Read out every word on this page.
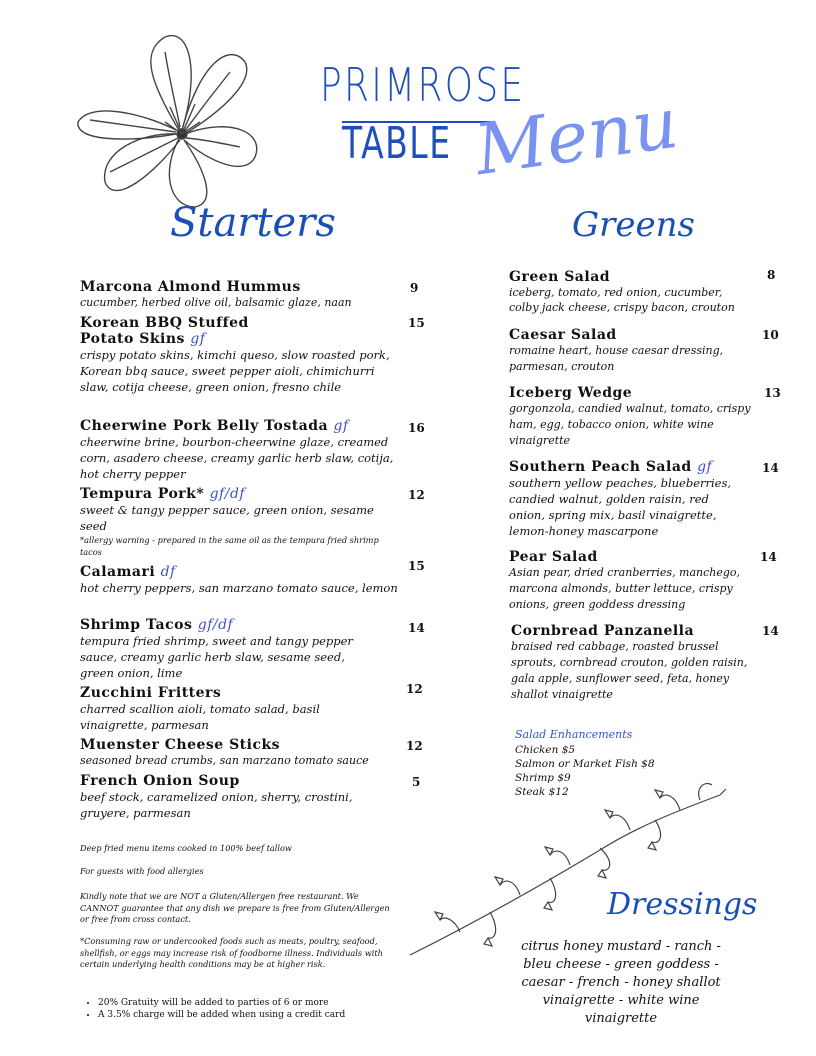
PRIMROSE
TABLE Menu
Starters	Greens
Marcona Almond Hummus
cucumber, herbed olive oil, balsamic glaze, naan
9
Korean BBQ Stuffed
Potato Skins gf
crispy potato skins, kimchi queso, slow roasted pork, Korean bbq sauce, sweet pepper aioli, chimichurri slaw, cotija cheese, green onion, fresno chile
15
Cheerwine Pork Belly Tostada gf
cheerwine brine, bourbon-cheerwine glaze, creamed corn, asadero cheese, creamy garlic herb slaw, cotija, hot cherry pepper
16
Tempura Pork* gf/df
sweet & tangy pepper sauce, green onion, sesame seed
*allergy warning - prepared in the same oil as the tempura fried shrimp tacos
12
Calamari df
hot cherry peppers, san marzano tomato sauce, lemon
15
Shrimp Tacos gf/df
tempura fried shrimp, sweet and tangy pepper sauce, creamy garlic herb slaw, sesame seed, green onion, lime
14
Zucchini Fritters
charred scallion aioli, tomato salad, basil vinaigrette, parmesan
12
Muenster Cheese Sticks
seasoned bread crumbs, san marzano tomato sauce
12
French Onion Soup
beef stock, caramelized onion, sherry, crostini, gruyere, parmesan
5
Deep fried menu items cooked in 100% beef tallow
For guests with food allergies
Kindly note that we are NOT a Gluten/Allergen free restaurant. We CANNOT guarantee that any dish we prepare is free from Gluten/Allergen or free from cross contact.
*Consuming raw or undercooked foods such as meats, poultry, seafood, shellfish, or eggs may increase risk of foodborne illness. Individuals with certain underlying health conditions may be at higher risk.
• 20% Gratuity will be added to parties of 6 or more
• A 3.5% charge will be added when using a credit card
Green Salad
iceberg, tomato, red onion, cucumber, colby jack cheese, crispy bacon, crouton
8
Caesar Salad
romaine heart, house caesar dressing, parmesan, crouton
10
Iceberg Wedge
gorgonzola, candied walnut, tomato, crispy ham, egg, tobacco onion, white wine vinaigrette
13
Southern Peach Salad gf
southern yellow peaches, blueberries, candied walnut, golden raisin, red onion, spring mix, basil vinaigrette, lemon-honey mascarpone
14
Pear Salad
Asian pear, dried cranberries, manchego, marcona almonds, butter lettuce, crispy onions, green goddess dressing
14
Cornbread Panzanella
braised red cabbage, roasted brussel sprouts, cornbread crouton, golden raisin, gala apple, sunflower seed, feta, honey shallot vinaigrette
14
Salad Enhancements
Chicken $5
Salmon or Market Fish $8
Shrimp $9
Steak $12
Dressings
citrus honey mustard - ranch - bleu cheese - green goddess - caesar - french - honey shallot vinaigrette - white wine vinaigrette
